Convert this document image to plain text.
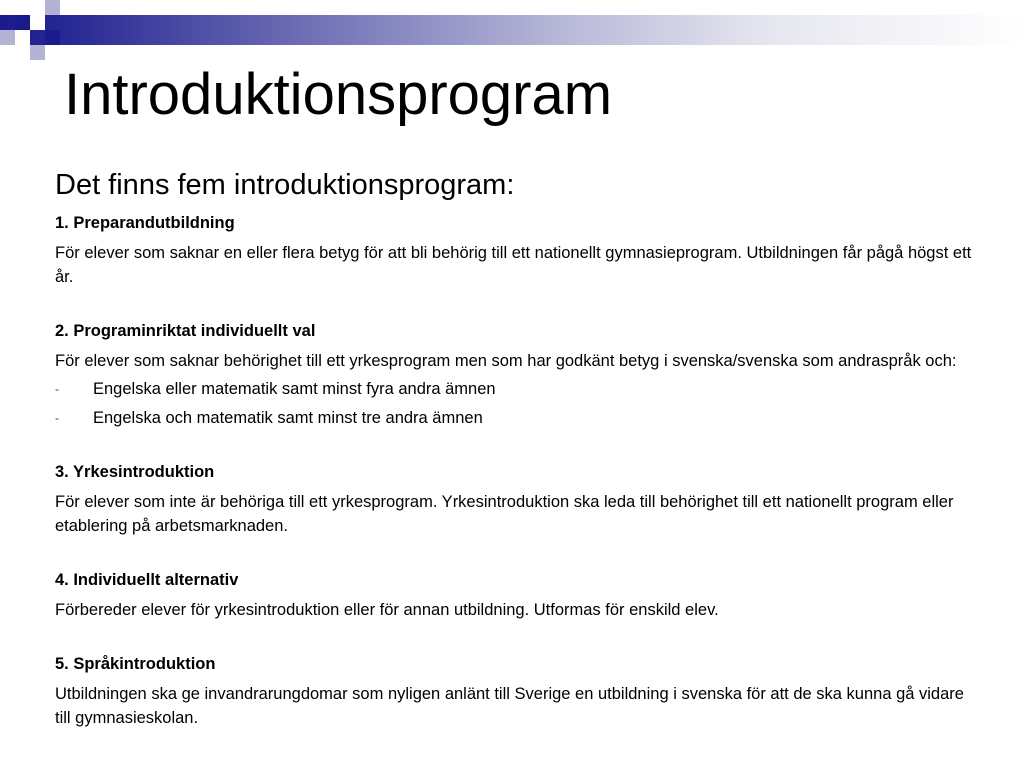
Introduktionsprogram

Det finns fem introduktionsprogram:

1. Preparandutbildning

För elever som saknar en eller flera betyg för att bli behörig till ett nationellt gymnasieprogram. Utbildningen får pågå högst ett år.

2. Programinriktat individuellt val

För elever som saknar behörighet till ett yrkesprogram men som har godkänt betyg i svenska/svenska som andraspråk och:

- Engelska eller matematik samt minst fyra andra ämnen
- Engelska och matematik samt minst tre andra ämnen

3. Yrkesintroduktion

För elever som inte är behöriga till ett yrkesprogram. Yrkesintroduktion ska leda till behörighet till ett nationellt program eller etablering på arbetsmarknaden.

4. Individuellt alternativ

Förbereder elever för yrkesintroduktion eller för annan utbildning. Utformas för enskild elev.

5. Språkintroduktion

Utbildningen ska ge invandrarungdomar som nyligen anlänt till Sverige en utbildning i svenska för att de ska kunna gå vidare till gymnasieskolan.
